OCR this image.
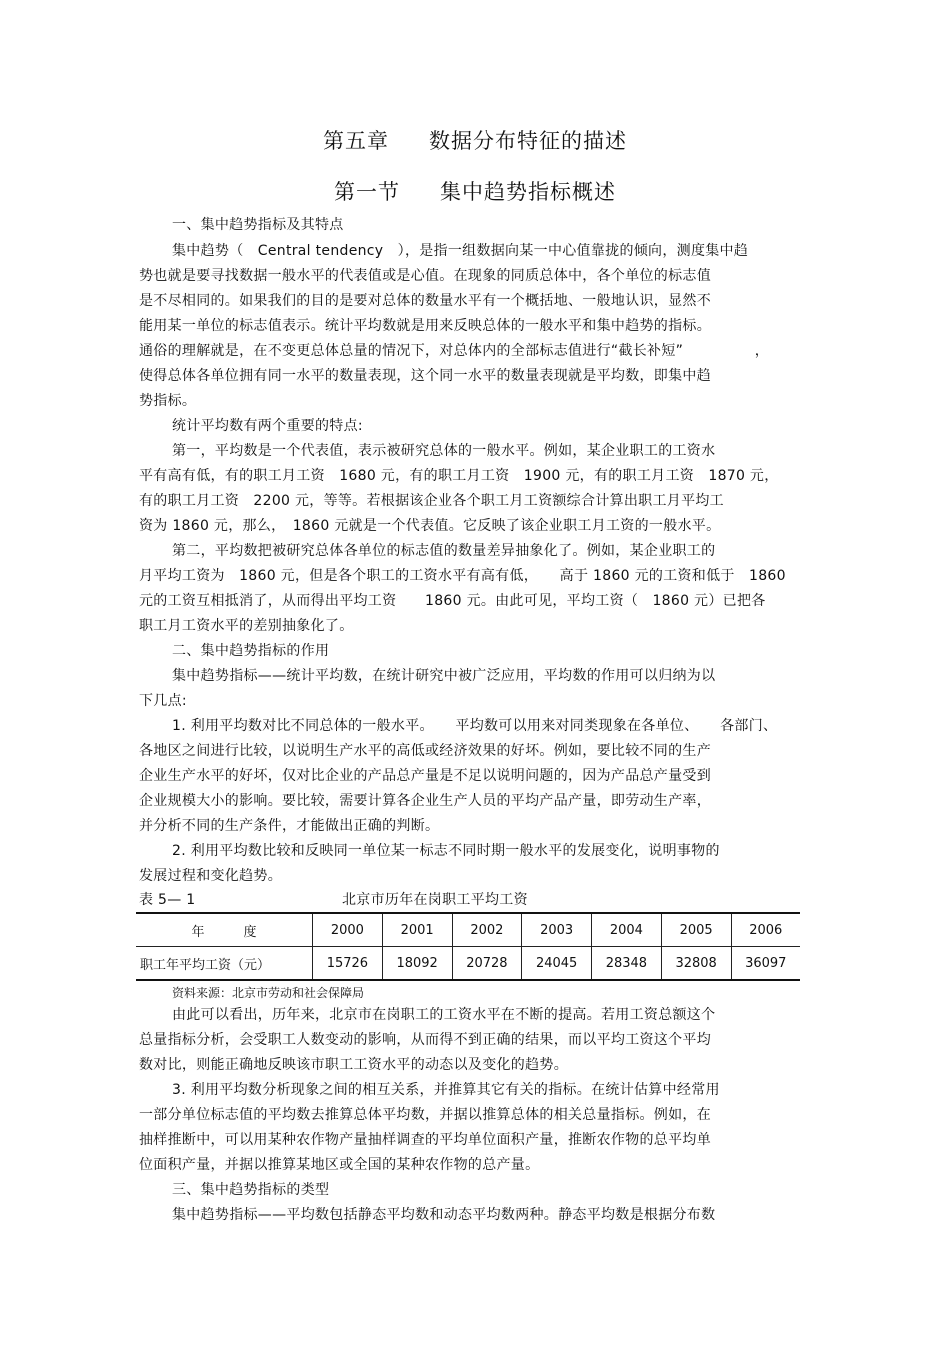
第五章 数据分布特征的描述
第一节 集中趋势指标概述
一、集中趋势指标及其特点
集中趋势（　Central tendency　），是指一组数据向某一中心值靠拢的倾向，测度集中趋
势也就是要寻找数据一般水平的代表值或是心值。在现象的同质总体中，各个单位的标志值
是不尽相同的。如果我们的目的是要对总体的数量水平有一个概括地、一般地认识，显然不
能用某一单位的标志值表示。统计平均数就是用来反映总体的一般水平和集中趋势的指标。
通俗的理解就是，在不变更总体总量的情况下，对总体内的全部标志值进行“截长补短”　　　　　，
使得总体各单位拥有同一水平的数量表现，这个同一水平的数量表现就是平均数，即集中趋
势指标。
统计平均数有两个重要的特点:
第一，平均数是一个代表值，表示被研究总体的一般水平。例如，某企业职工的工资水
平有高有低，有的职工月工资　1680 元，有的职工月工资　1900 元，有的职工月工资　1870 元，
有的职工月工资　2200 元，等等。若根据该企业各个职工月工资额综合计算出职工月平均工
资为 1860 元，那么，　1860 元就是一个代表值。它反映了该企业职工月工资的一般水平。
第二，平均数把被研究总体各单位的标志值的数量差异抽象化了。例如，某企业职工的
月平均工资为　1860 元，但是各个职工的工资水平有高有低，　　高于 1860 元的工资和低于　1860
元的工资互相抵消了，从而得出平均工资　　1860 元。由此可见，平均工资（　1860 元）已把各
职工月工资水平的差别抽象化了。
二、集中趋势指标的作用
集中趋势指标——统计平均数，在统计研究中被广泛应用，平均数的作用可以归纳为以
下几点:
1. 利用平均数对比不同总体的一般水平。　　平均数可以用来对同类现象在各单位、　　各部门、
各地区之间进行比较，以说明生产水平的高低或经济效果的好坏。例如，要比较不同的生产
企业生产水平的好坏，仅对比企业的产品总产量是不足以说明问题的，因为产品总产量受到
企业规模大小的影响。要比较，需要计算各企业生产人员的平均产品产量，即劳动生产率，
并分析不同的生产条件，才能做出正确的判断。
2. 利用平均数比较和反映同一单位某一标志不同时期一般水平的发展变化，说明事物的
发展过程和变化趋势。
表 5— 1	北京市历年在岗职工平均工资
年　　　度	2000	2001	2002	2003	2004	2005	2006
职工年平均工资（元）	15726	18092	20728	24045	28348	32808	36097
资料来源：北京市劳动和社会保障局
由此可以看出，历年来，北京市在岗职工的工资水平在不断的提高。若用工资总额这个
总量指标分析，会受职工人数变动的影响，从而得不到正确的结果，而以平均工资这个平均
数对比，则能正确地反映该市职工工资水平的动态以及变化的趋势。
3. 利用平均数分析现象之间的相互关系，并推算其它有关的指标。在统计估算中经常用
一部分单位标志值的平均数去推算总体平均数，并据以推算总体的相关总量指标。例如，在
抽样推断中，可以用某种农作物产量抽样调查的平均单位面积产量，推断农作物的总平均单
位面积产量，并据以推算某地区或全国的某种农作物的总产量。
三、集中趋势指标的类型
集中趋势指标——平均数包括静态平均数和动态平均数两种。静态平均数是根据分布数
